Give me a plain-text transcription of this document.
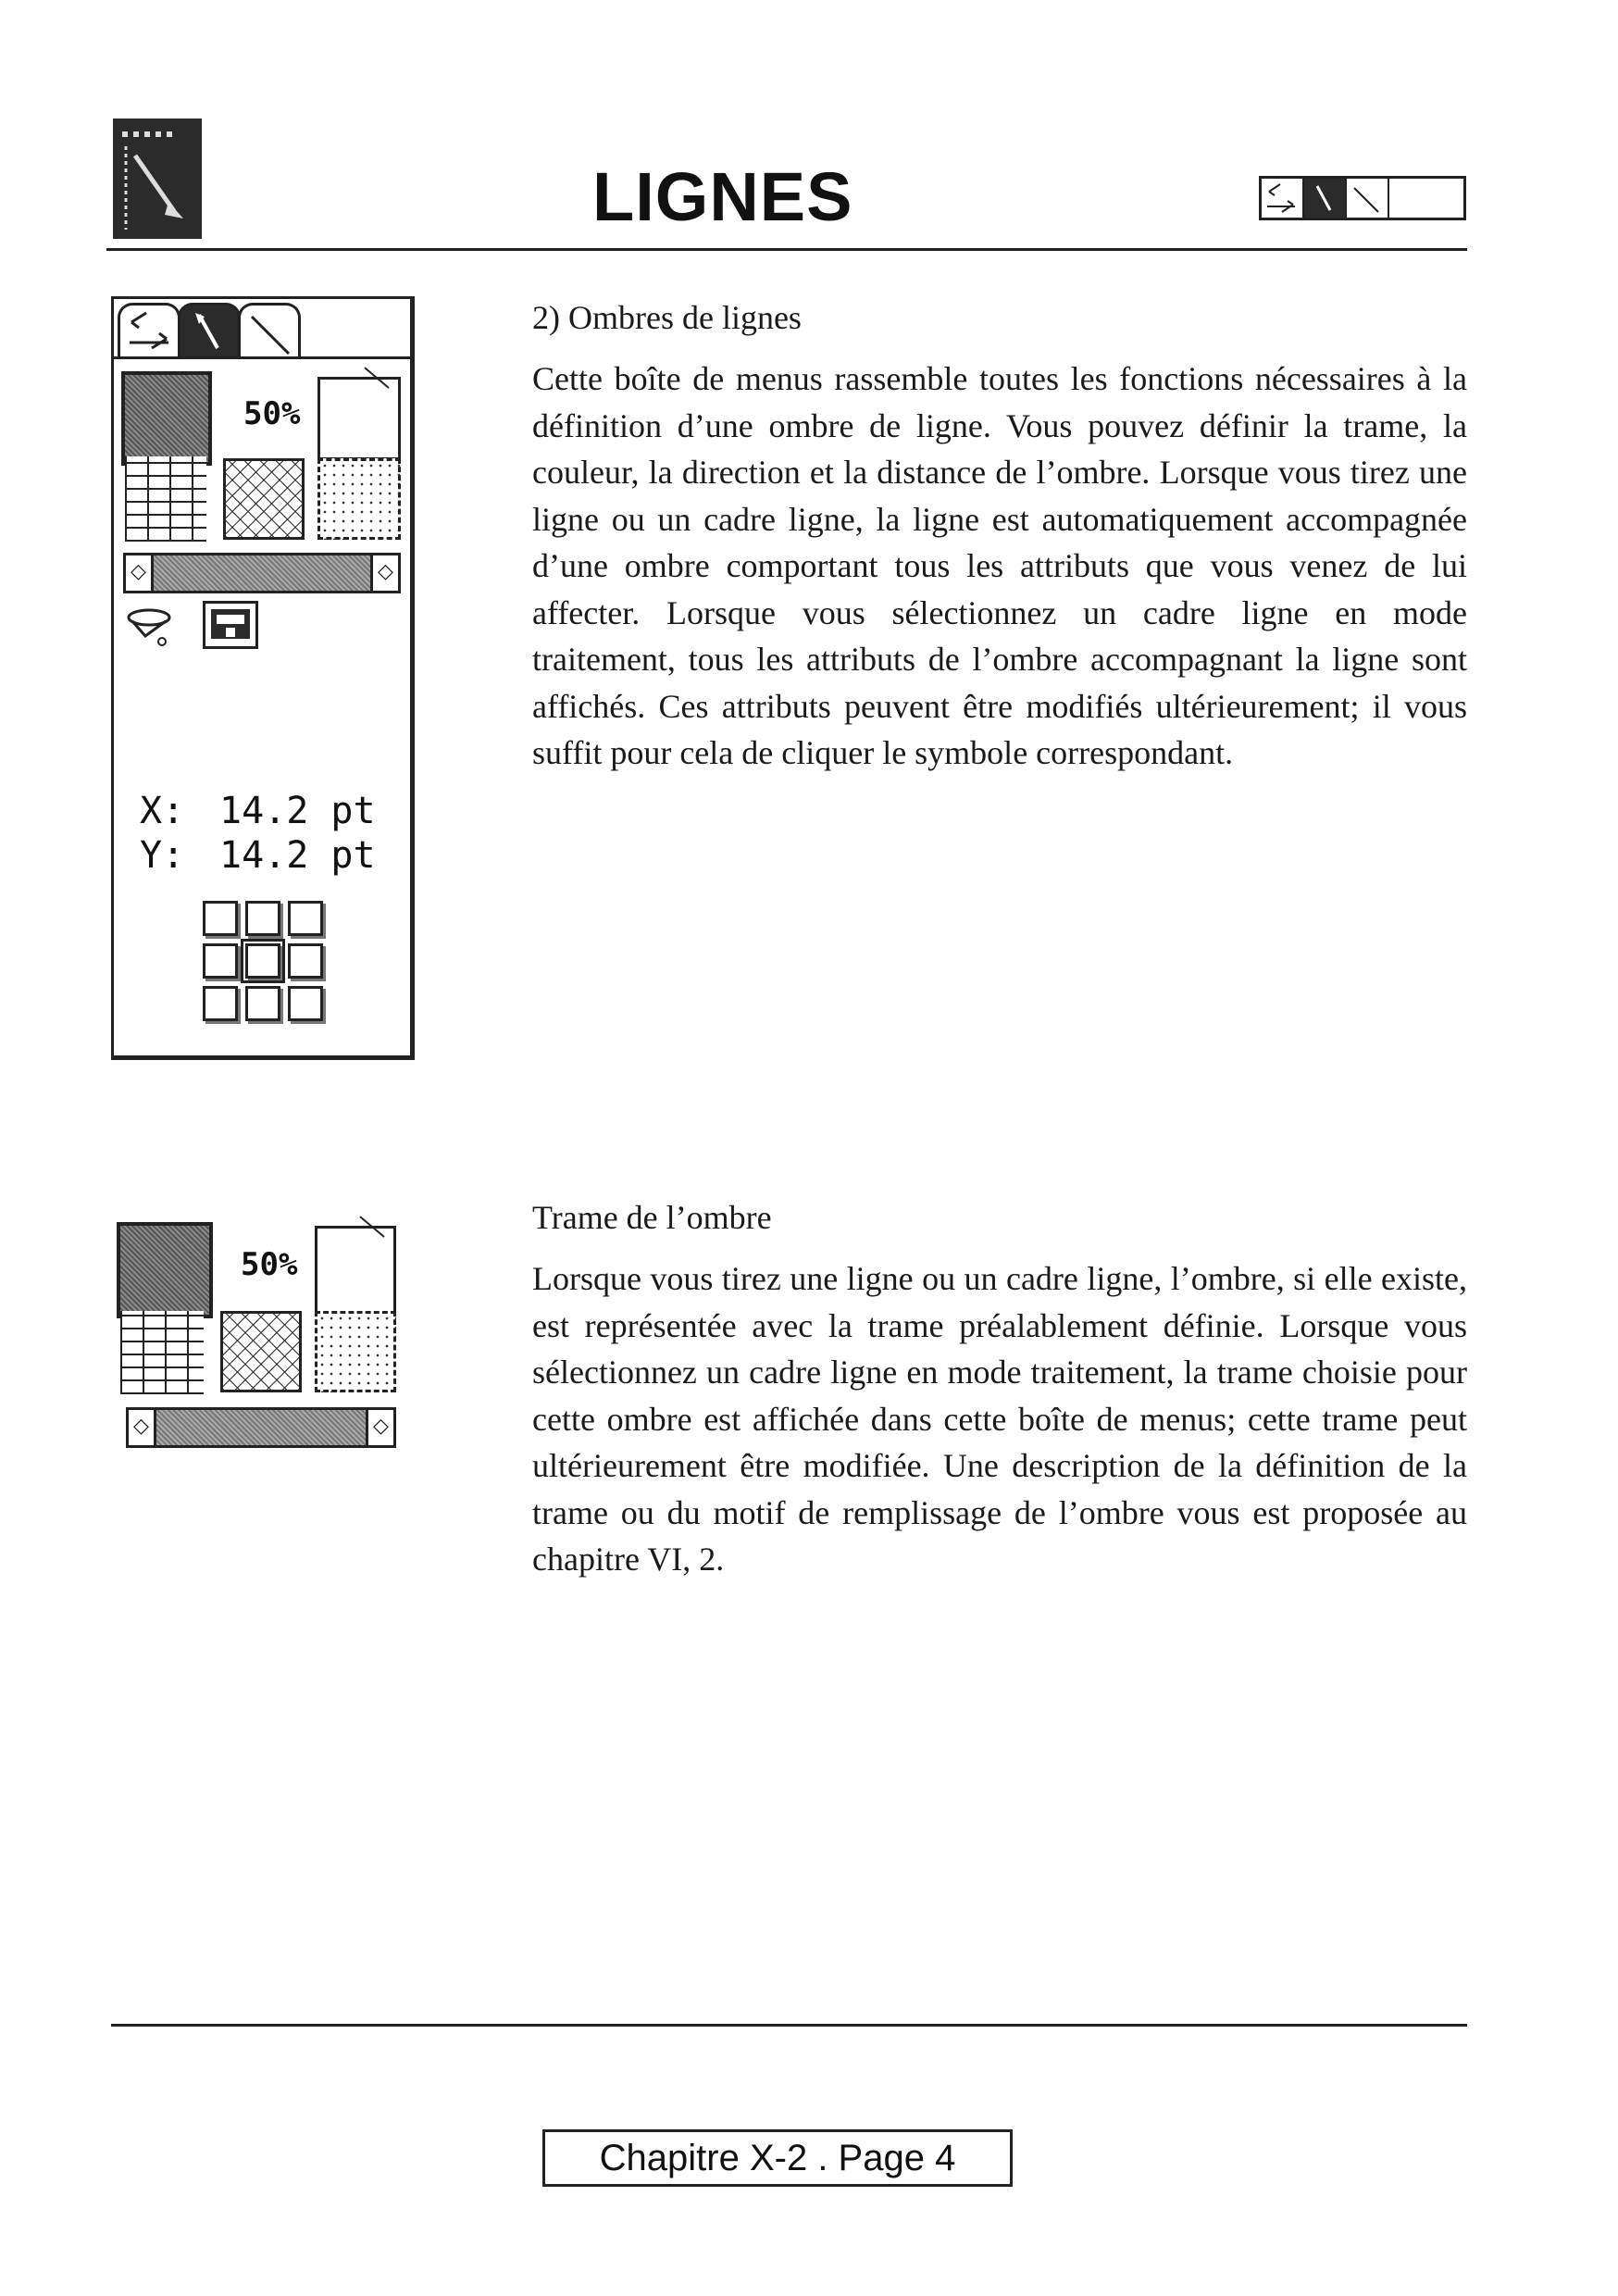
LIGNES
50%
◇	◇
X: 14.2 pt
Y: 14.2 pt
2) Ombres de lignes
Cette boîte de menus rassemble toutes les fonctions nécessaires à la définition d’une ombre de ligne. Vous pouvez définir la trame, la couleur, la direction et la distance de l’ombre. Lorsque vous tirez une ligne ou un cadre ligne, la ligne est automatiquement accompagnée d’une ombre comportant tous les attributs que vous venez de lui affecter. Lorsque vous sélectionnez un cadre ligne en mode traitement, tous les attributs de l’ombre accompagnant la ligne sont affichés. Ces attributs peuvent être modifiés ultérieurement; il vous suffit pour cela de cliquer le symbole correspondant.
50%
◇	◇
Trame de l’ombre
Lorsque vous tirez une ligne ou un cadre ligne, l’ombre, si elle existe, est représentée avec la trame préalablement définie. Lorsque vous sélectionnez un cadre ligne en mode traitement, la trame choisie pour cette ombre est affichée dans cette boîte de menus; cette trame peut ultérieurement être modifiée. Une description de la définition de la trame ou du motif de remplissage de l’ombre vous est proposée au chapitre VI, 2.
Chapitre X-2 . Page 4
